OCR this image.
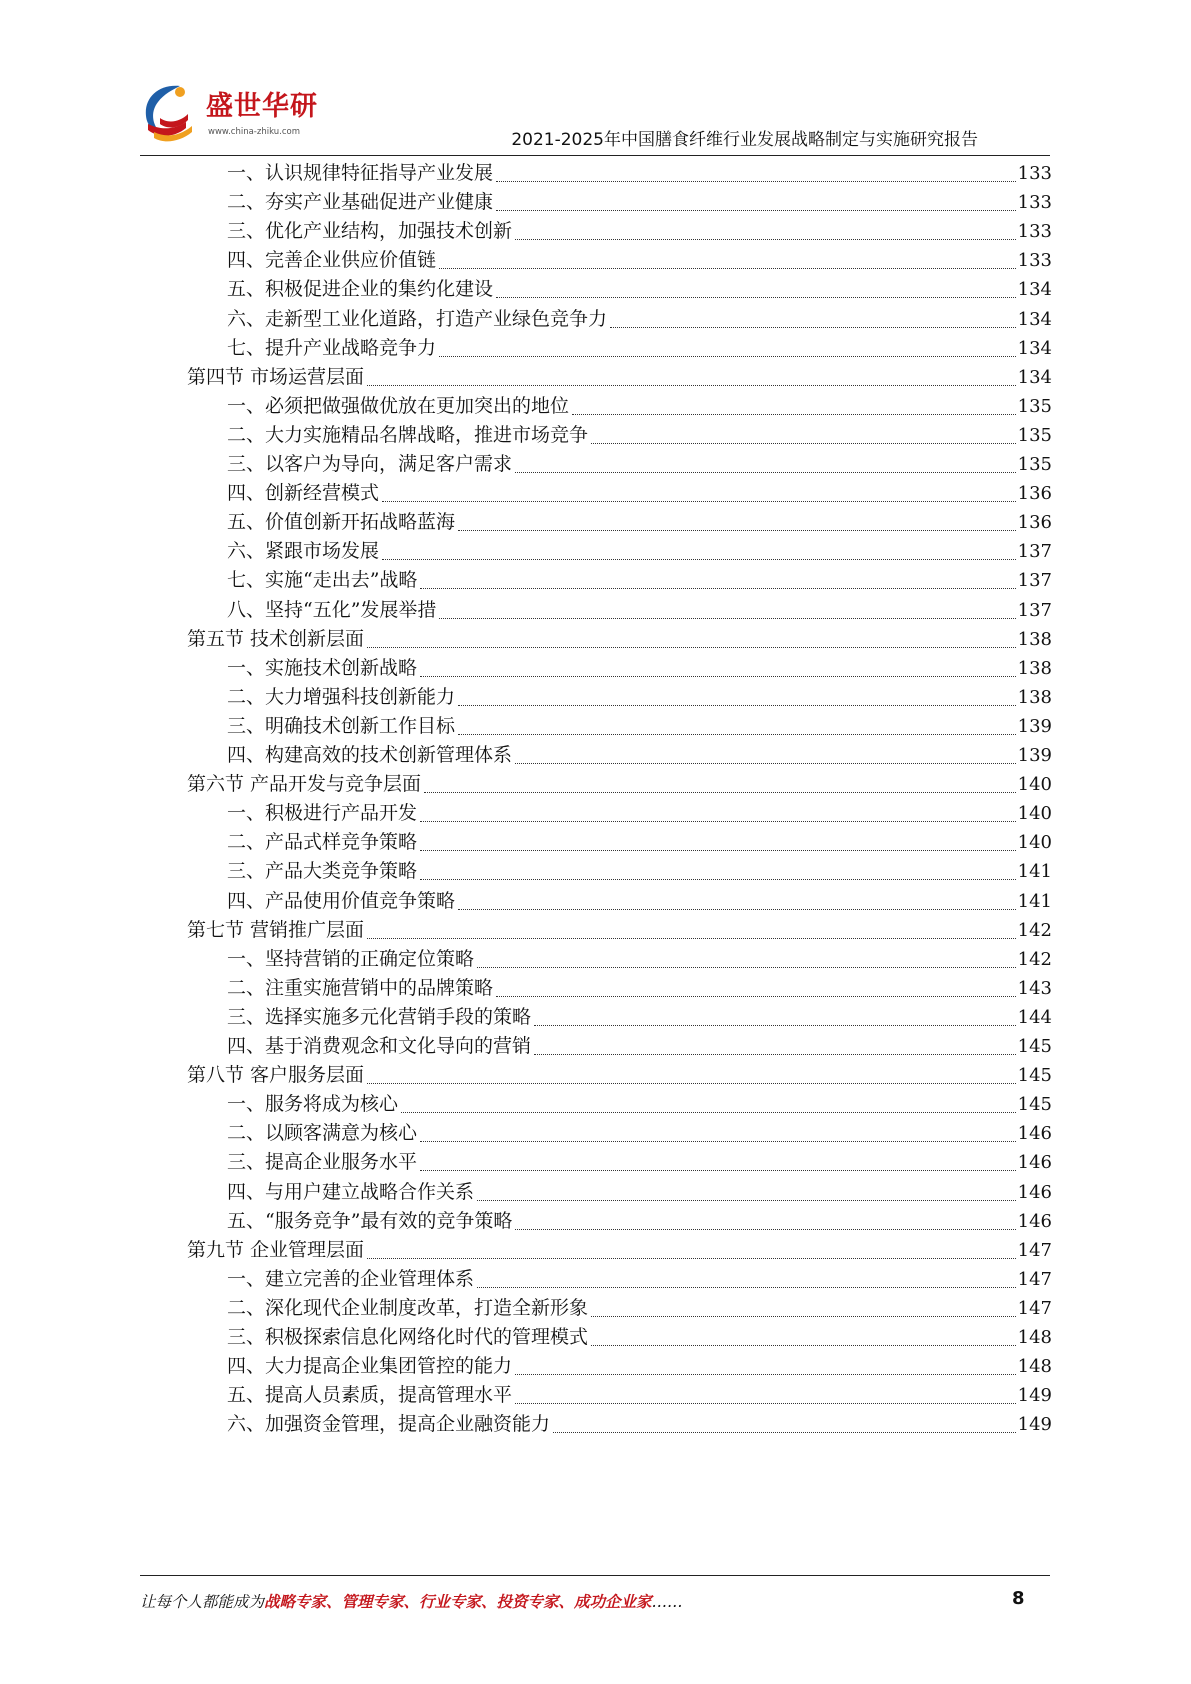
盛世华研
www.china-zhiku.com	2021-2025年中国膳食纤维行业发展战略制定与实施研究报告
一、认识规律特征指导产业发展	133
二、夯实产业基础促进产业健康	133
三、优化产业结构，加强技术创新	133
四、完善企业供应价值链	133
五、积极促进企业的集约化建设	134
六、走新型工业化道路，打造产业绿色竞争力	134
七、提升产业战略竞争力	134
第四节 市场运营层面	134
一、必须把做强做优放在更加突出的地位	135
二、大力实施精品名牌战略，推进市场竞争	135
三、以客户为导向，满足客户需求	135
四、创新经营模式	136
五、价值创新开拓战略蓝海	136
六、紧跟市场发展	137
七、实施“走出去”战略	137
八、坚持“五化”发展举措	137
第五节 技术创新层面	138
一、实施技术创新战略	138
二、大力增强科技创新能力	138
三、明确技术创新工作目标	139
四、构建高效的技术创新管理体系	139
第六节 产品开发与竞争层面	140
一、积极进行产品开发	140
二、产品式样竞争策略	140
三、产品大类竞争策略	141
四、产品使用价值竞争策略	141
第七节 营销推广层面	142
一、坚持营销的正确定位策略	142
二、注重实施营销中的品牌策略	143
三、选择实施多元化营销手段的策略	144
四、基于消费观念和文化导向的营销	145
第八节 客户服务层面	145
一、服务将成为核心	145
二、以顾客满意为核心	146
三、提高企业服务水平	146
四、与用户建立战略合作关系	146
五、“服务竞争”最有效的竞争策略	146
第九节 企业管理层面	147
一、建立完善的企业管理体系	147
二、深化现代企业制度改革，打造全新形象	147
三、积极探索信息化网络化时代的管理模式	148
四、大力提高企业集团管控的能力	148
五、提高人员素质，提高管理水平	149
六、加强资金管理，提高企业融资能力	149
让每个人都能成为战略专家、管理专家、行业专家、投资专家、成功企业家……	8
